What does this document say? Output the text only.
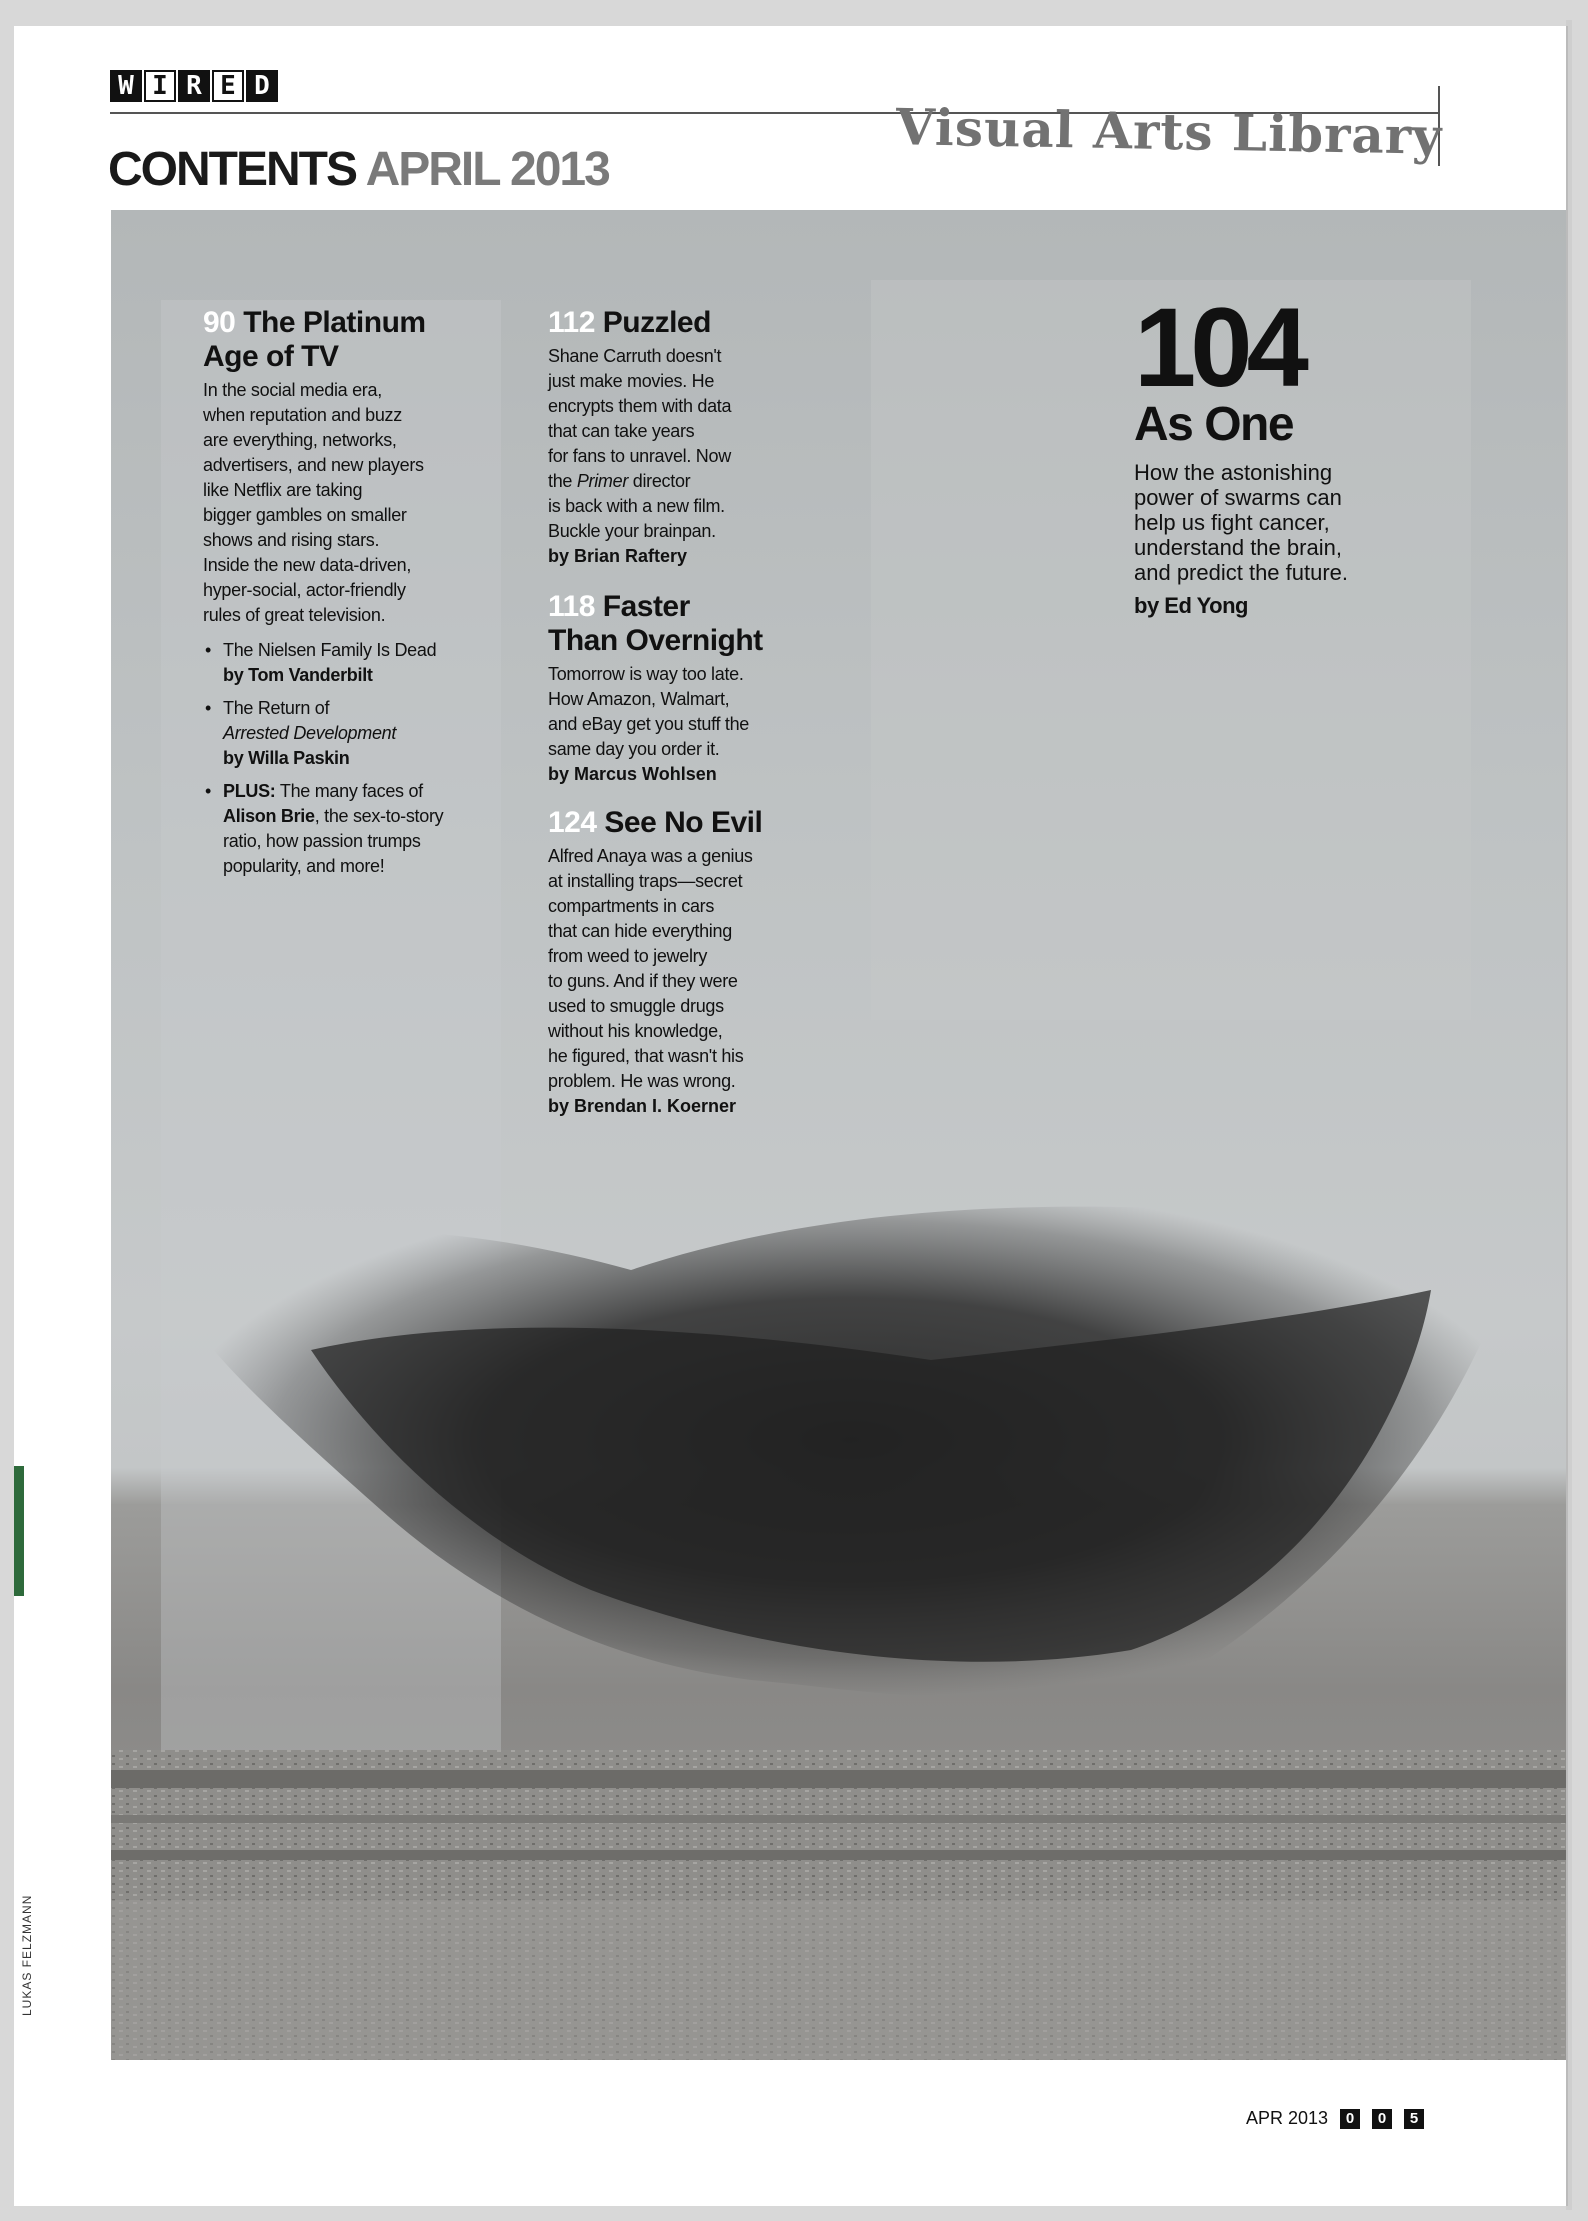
W I R E D
CONTENTS APRIL 2013
Visual Arts Library
90 The Platinum
Age of TV
In the social media era,
when reputation and buzz
are everything, networks,
advertisers, and new players
like Netflix are taking
bigger gambles on smaller
shows and rising stars.
Inside the new data-driven,
hyper-social, actor-friendly
rules of great television.
• The Nielsen Family Is Dead
by Tom Vanderbilt
• The Return of
Arrested Development
by Willa Paskin
• PLUS: The many faces of
Alison Brie, the sex-to-story
ratio, how passion trumps
popularity, and more!
112 Puzzled
Shane Carruth doesn't
just make movies. He
encrypts them with data
that can take years
for fans to unravel. Now
the Primer director
is back with a new film.
Buckle your brainpan.
by Brian Raftery
118 Faster
Than Overnight
Tomorrow is way too late.
How Amazon, Walmart,
and eBay get you stuff the
same day you order it.
by Marcus Wohlsen
124 See No Evil
Alfred Anaya was a genius
at installing traps—secret
compartments in cars
that can hide everything
from weed to jewelry
to guns. And if they were
used to smuggle drugs
without his knowledge,
he figured, that wasn't his
problem. He was wrong.
by Brendan I. Koerner
104
As One
How the astonishing
power of swarms can
help us fight cancer,
understand the brain,
and predict the future.
by Ed Yong
LUKAS FELZMANN
APR 2013	0	0	5
